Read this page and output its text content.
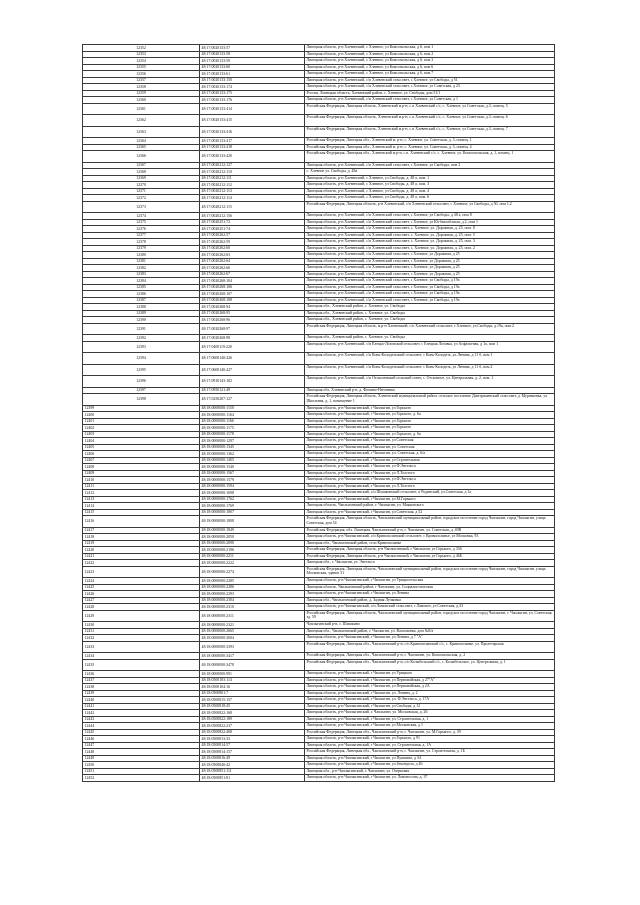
12352	48:17:0020133:57	Липецкая область, р-н Хлевенский, с Хлевное, ул Комсомольская, д 6, пом 1
12353	48:17:0020133:58	Липецкая область, р-н Хлевенский, с Хлевное, ул Комсомольская, д 6, пом 2
12354	48:17:0020133:59	Липецкая область, р-н Хлевенский, с Хлевное, ул Комсомольская, д 6, пом 3
12355	48:17:0020133:60	Липецкая область, р-н Хлевенский, с Хлевное, ул Комсомольская, д 6, пом 6
12356	48:17:0020133:61	Липецкая область, р-н Хлевенский, с Хлевное, ул Комсомольская, д 6, пом 7
12357	48:17:0020133:150	Липецкая область, р-н Хлевенский, с/п Хлевенский сельсовет, с Хлевное, ул Свободы, д 51
12358	48:17:0020133:174	Липецкая область, р-н Хлевенский, с/п Хлевенский сельсовет, с Хлевное, ул Советская, д 23
12359	48:17:0020133:175	Россия, Липецкая область, Хлевенский район, с. Хлевное, ул. Свободы, дом 51/1
12360	48:17:0020133:176	Липецкая область, р-н Хлевенский, с/п Хлевенский сельсовет, с Хлевное, ул Советская, д 1
12361	48:17:0020133:414	Российская Федерация, Липецкая область, Хлевенский м.р-н, с.п Хлевенский с/с, с. Хлевное, ул Советская, д.3, помещ. 5
12362	48:17:0020133:415	Российская Федерация, Липецкая область, Хлевенский м.р-н, с.п Хлевенский с/с, с. Хлевное, ул Советская, д.3, помещ. 6
12363	48:17:0020133:416	Российская Федерация, Липецкая область, Хлевенский м.р-н, с.п Хлевенский с/с, с. Хлевное, ул Советская, д.3, помещ. 7
12364	48:17:0020133:417	Российская Федерация, Липецкая обл., Хлевенский м. р-н, с. Хлевное, ул. Советская, д. 3, помещ. 1
12365	48:17:0020133:418	Российская Федерация, Липецкая обл., Хлевенский м. р-н, с. Хлевное, ул. Советская, д. 3, помещ. 4
12366	48:17:0020133:420	Российская Федерация, Липецкая обл., Хлевенский м.р-н, с.п. Хлевенский с/с, с. Хлевное, ул. Комсомольская, д. 1, помещ. 1
12367	48:17:0020212:127	Липецкая область, р-н Хлевенский, с/п Хлевенский сельсовет, с Хлевное, ул Свободы, пом 2
12368	48:17:0020212:110	с. Хлевное ул. Свободы, д. 48а
12369	48:17:0020212:111	Липецкая область, р-н Хлевенский, с Хлевное, ул Свободы, д. 48 а, пом. 1
12370	48:17:0020212:112	Липецкая область, р-н Хлевенский, с Хлевное, ул Свободы, д. 48 а, пом. 3
12371	48:17:0020212:113	Липецкая область, р-н Хлевенский, с Хлевное, ул Свободы, д. 48 а, пом. 4
12372	48:17:0020212:114	Липецкая область, р-н Хлевенский, с Хлевное, ул Свободы, д. 48 а, пом. 6
12373	48:17:0020212:115	Российская Федерация, Липецкая область, р-н Хлевенский, с/п Хлевенский сельсовет, с Хлевное, ул Свободы, д 50, пом 1,2
12374	48:17:0020212:156	Липецкая область, р-н Хлевенский, с/п Хлевенский сельсовет, с Хлевное, ул Свободы, д 48 а, пом 8
12375	48:17:0020251:72	Липецкая область, р-н Хлевенский, с/п Хлевенский сельсовет, с Хлевное, ул Югбиглаблская, д 2, пом 1
12376	48:17:0020251:74	Липецкая область, р-н Хлевенский, с/п Хлевенский сельсовет, с. Хлевное, ул. Дорожная, д. 25, пом. 8
12377	48:17:0020262:57	Липецкая область, р-н Хлевенский, с/п Хлевенский сельсовет, с. Хлевное, ул. Дорожная, д. 25, пом. 5
12378	48:17:0020262:59	Липецкая область, р-н Хлевенский, с/п Хлевенский сельсовет, с. Хлевное, ул. Дорожная, д. 25, пом. 3
12379	48:17:0020262:60	Липецкая область, р-н Хлевенский, с/п Хлевенский сельсовет, с. Хлевное, ул. Дорожная, д. 25, пом. 2
12380	48:17:0020262:63	Липецкая область, р-н Хлевенский, с/п Хлевенский сельсовет, с Хлевное, ул Дорожная, д 25
12381	48:17:0020262:64	Липецкая область, р-н Хлевенский, с/п Хлевенский сельсовет, с Хлевное, ул Дорожная, д 25
12382	48:17:0020262:66	Липецкая область, р-н Хлевенский, с/п Хлевенский сельсовет, с Хлевное, ул Дорожная, д 25
12383	48:17:0020262:67	Липецкая область, р-н Хлевенский, с/п Хлевенский сельсовет, с Хлевное, ул Дорожная, д 25
12384	48:17:0020268:104	Липецкая область, р-н Хлевенский, с/п Хлевенский сельсовет, с Хлевное, ул Свободы, д 19а
12385	48:17:0020268:106	Липецкая область, р-н Хлевенский, с/п Хлевенский сельсовет, с Хлевное, ул Свободы, д 19а
12386	48:17:0020268:107	Липецкая область, р-н Хлевенский, с/п Хлевенский сельсовет, с Хлевное, ул Свободы, д 19а
12387	48:17:0020268:108	Липецкая область, р-н Хлевенский, с/п Хлевенский сельсовет, с Хлевное, ул Свободы, д 19а
12388	48:17:0020268:94	Липецкая обл., Хлевенский район, с. Хлевное, ул. Свободы
12389	48:17:0020268:95	Липецкая обл., Хлевенский район, с. Хлевное, ул. Свободы
12390	48:17:0020268:96	Липецкая обл., Хлевенский район, с. Хлевное, ул. Свободы
12391	48:17:0020268:97	Российская Федерация, Липецкая область, м.р-н Хлевенский, с/п Хлевенский сельсовет, с.Хлевное, ул.Свободы, д.19а, пом.2
12392	48:17:0020268:98	Липецкая обл., Хлевенский район, с. Хлевное, ул. Свободы
12393	48:17:0400119:220	Липецкая область, р-н Хлевенский, с/п Елецко-Лозовский сельсовет, с Елецкая Лозовка, ул Асфальтная, д 1а, пом 1
12394	48:17:0600140:426	Липецкая область, р-н Хлевенский, с/п Конь-Колодезьский сельсовет, с Конь-Колодезь, ул.Ленина, д 11 б, пом 1
12395	48:17:0600140:427	Липецкая область, р-н Хлевенский, с/п Конь-Колодезьский сельсовет, с Конь-Колодезь, ул Ленина, д 11 б, пом 2
12396	48:17:0910143:182	Липецкая область, р-н Хлевенский, с/п Отскоченский сельский совет, с. Отскочное, ул. Центральная, д. 2, пом. 1
12397	48:17:0950121:49	Липецкая обл, Хлевенский р-н, д. Фомино-Негачевка
12398	48:17:0250207:127	Российская Федерация, Липецкая область, Хлевенский муниципальный район, сельское поселение Дмитряшевский сельсовет, д. Муравьевка, ул. Школьная, д. 1, помещение 1
12399	48:18:0000000:1150	Липецкая область, р-н Чаплыгинский, г Чаплыгин, ул Горького
12400	48:18:0000000:1164	Липецкая область, р-н Чаплыгинский, г Чаплыгин, ул Горького, д. 6а
12401	48:18:0000000:1166	Липецкая область, р-н Чаплыгинский, г Чаплыгин, ул Горького
12402	48:18:0000000:1175	Липецкая область, р-н Чаплыгинский, г Чаплыгин, ул Горького
12403	48:18:0000000:1178	Липецкая область, р-н Чаплыгинский, г Чаплыгин, ул Горького, д. 6а
12404	48:18:0000000:1297	Липецкая область, р-н Чаплыгинский, г Чаплыгин, ул Советская
12405	48:18:0000000:1345	Липецкая область, р-н Чаплыгинский, г Чаплыгин, ул. Советская
12406	48:18:0000000:1362	Липецкая область, р-н Чаплыгинский, г Чаплыгин, ул. Советская, д. 6/а
12407	48:18:0000000:1405	Липецкая область, р-н Чаплыгинский, г Чаплыгин, ул Строительная
12408	48:18:0000000:1540	Липецкая область, р-н Чаплыгинский, г Чаплыгин, ул Ф.Энгельса
12409	48:18:0000000:1567	Липецкая область, р-н Чаплыгинский, г Чаплыгин, ул Л.Толстого
12410	48:18:0000000:1579	Липецкая область, р-н Чаплыгинский, г Чаплыгин, ул Ф.Энгельса
12411	48:18:0000000:1594	Липецкая область, р-н Чаплыгинский, г Чаплыгин, ул Л.Толстого
12412	48:18:0000000:1698	Липецкая область, р-н Чаплыгинский, с/п Шишкинский сельсовет, п Родинский, ул Советская, д 1а
12413	48:18:0000000:1762	Липецкая область, р-н Чаплыгинский, г Чаплыгин, ул М.Горького
12414	48:18:0000000:1769	Липецкая область, Чаплыгинский район, г. Чаплыгин, ул. Маяковского
12415	48:18:0000000:1807	Липецкая область, р-н Чаплыгинский, г Чаплыгин, ул Советская, д 52
12416	48:18:0000000:1808	Российская Федерация, Липецкая область, Чаплыгинский муниципальный район, городское поселение город Чаплыгин, город Чаплыгин, улица Советская, дом 54
12417	48:18:0000000:1849	Российская Федерация, обл. Липецкая, Чаплыгинский р-н, г. Чаплыгин, ул. Советская, д. 40В
12418	48:18:0000000:2050	Липецкая область, р-н Чаплыгинский, с/п Кривополянский сельсовет, с Кривополянье, ул Московка, 93
12419	48:18:0000000:2090	Липецкая обл., Чаплыгинский район, село Кривополянье
12420	48:18:0000000:2196	Российская Федерация, Липецкая область, р-н Чаплыгинский, г Чаплыгин, ул Горького, д 33б
12421	48:18:0000000:2211	Российская Федерация, Липецкая область, р-н Чаплыгинский, г Чаплыгин, ул Горького, д 46Б
12422	48:18:0000000:2222	Липецкая обл., г. Чаплыгин, ул. Энгельса
12423	48:18:0000000:2274	Российская Федерация, Липецкая область, Чаплыгинский муниципальный район, городское поселение город Чаплыгин, город Чаплыгин, улица Московская, здание 31
12424	48:18:0000000:2285	Липецкая область, р-н Чаплыгинский, г Чаплыгин, ул Урицкосельская
12425	48:18:0000000:2286	Липецкая область, Чаплыгинский район, г Чаплыгин, ул. Социалистическая
12426	48:18:0000000:2293	Липецкая область, р-н Чаплыгинский, г Чаплыгин, ул Ленина
12427	48:18:0000000:2304	Липецкая обл., Чаплыгинский район, д. Задняя Лучковка
12428	48:18:0000000:2310	Липецкая область, р-н Чаплыгинский, с/п Ломовский сельсовет, с Ламовое, ул Советская, д 33
12429	48:18:0000000:2311	Российская Федерация, Липецкая область, Чаплыгинский муниципальный район, городское поселение город Чаплыгин, г. Чаплыгин, ул. Советская, зд. 59
12430	48:18:0000000:2321	Чаплыгинский р-н, с. Шишкино
12431	48:18:0000000:2665	Липецкая обл., Чаплыгинский район, г. Чаплыгин, ул. Васильевка, дом №8/а
12432	48:18:0000000:3004	Липецкая область, р-н Чаплыгинский, г Чаплыгин, ул Ленина, д 7 "А"
12433	48:18:0000000:3393	Российская Федерация, Липецкая обл., Чаплыгинский р-н, с/п Кривополянский с/с, с. Кривополянье, ул. Пролетарская
12434	48:18:0000000:3417	Российская Федерация, Липецкая обл., Чаплыгинский р-н, г. Чаплыгин, ул. Комсомольская, д. 2
12435	48:18:0000000:3478	Российская Федерация, Липецкая обл., Чаплыгинский р-н, с/п Колыбельский с/с, с. Колыбельское, ул. Центральная, д. 1
12436	48:18:0000000:991	Липецкая область, р-н Чаплыгинский, г Чаплыгин, ул Урицкого
12437	48:18:0500103:114	Липецкая область, р-н Чаплыгинский, г Чаплыгин, ул Первомайская, д 27"А"
12438	48:18:0500104:16	Липецкая область, р-н Чаплыгинский, г Чаплыгин, ул Первомайская, д 2А
12439	48:18:0500801:7	Липецкая область, р-н Чаплыгинский, г Чаплыгин, ул. Ленина, д. 2
12440	48:18:0500815:157	Липецкая область, р-н Чаплыгинский, г Чаплыгин, ул. Ф.Энгельса, д. 17А
12441	48:18:0500818:45	Липецкая область, р-н Чаплыгинский, г Чаплыгин, ул Свободы, д 12
12442	48:18:0500822:168	Липецкая область, р-н Чаплыгинский, г. Чаплыгин, ул. Московская, д. 26
12443	48:18:0500822:189	Липецкая область, р-н Чаплыгинский, г Чаплыгин, ул. Строительная, д. 1
12444	48:18:0500822:237	Липецкая область, р-н Чаплыгинский, г Чаплыгин, ул Московская, д 1
12445	48:18:0500822:468	Российская Федерация, Липецкая обл., Чаплыгинский р-н, г. Чаплыгин, ул. М.Горького, д. 39
12446	48:18:0500813:33	Липецкая область, р-н Чаплыгинский, г Чаплыгин, ул Горького, д 91
12447	48:18:0500814:57	Липецкая область, р-н Чаплыгинский, г Чаплыгин, ул. Строительная, д. 1А
12448	48:18:0500814:157	Российская Федерация, Липецкая обл., Чаплыгинский р-н, г. Чаплыгин, ул. Строительная, д. 1Б
12449	48:18:0500816:49	Липецкая область, р-н Чаплыгинский, г Чаплыгин, ул Пушкина, д 34
12450	48:18:0500840:42	Липецкая область, р-н Чаплыгинский, г Чаплыгин, ул Земледела, д 46
12451	48:18:0500851:111	Липецкая обл., р-н Чаплыгинский, г. Чаплыгин, ул. Озерковая
12452	48:18:0500851:81	Липецкая область, р-н Чаплыгинский, г Чаплыгин, ул. Ломоносова, д. 37
